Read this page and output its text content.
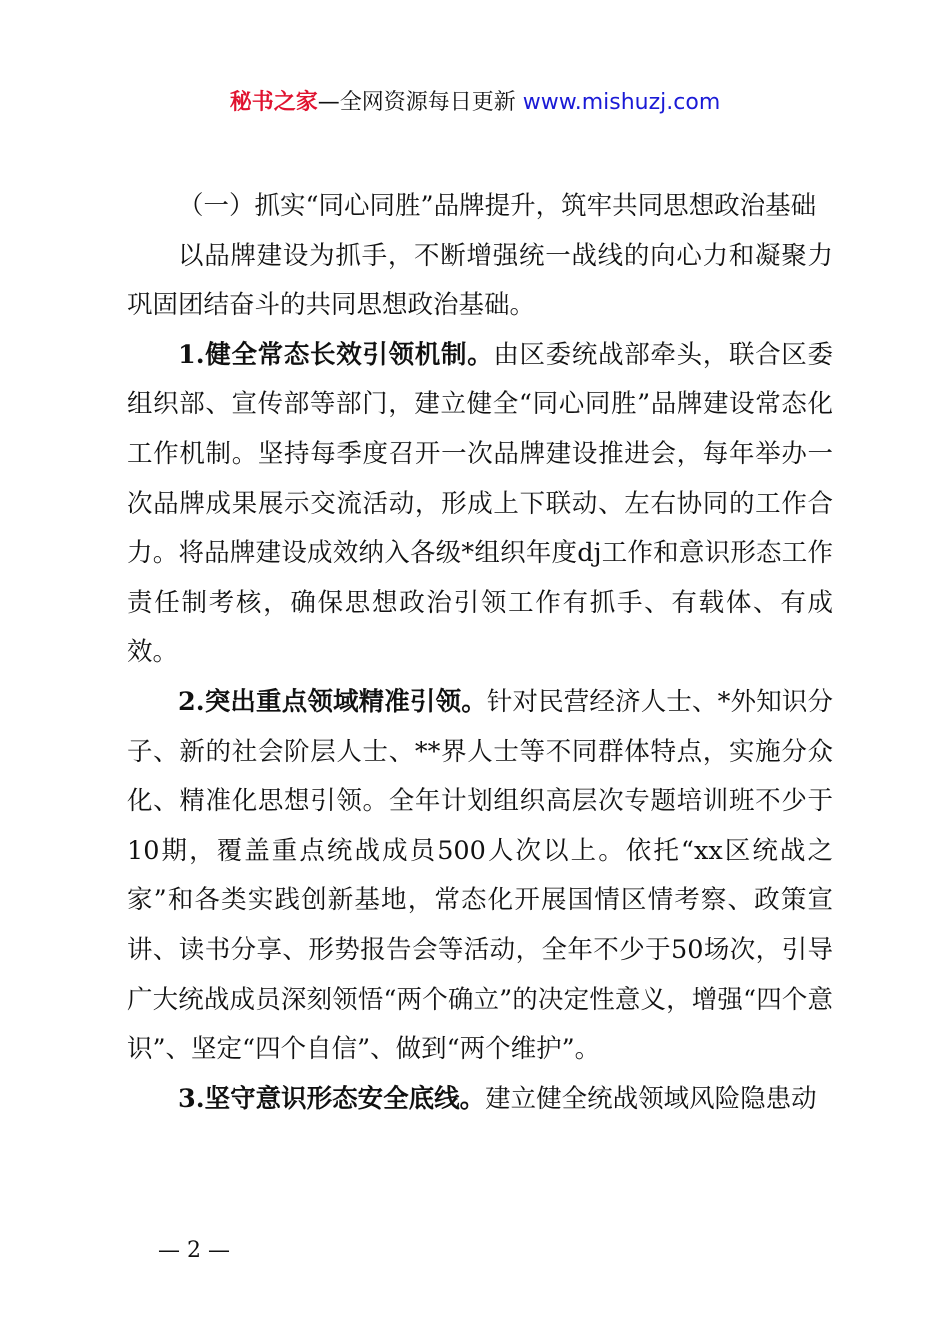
秘书之家—全网资源每日更新 www.mishuzj.com

（一）抓实“同心同胜”品牌提升，筑牢共同思想政治基础

以品牌建设为抓手，不断增强统一战线的向心力和凝聚力巩固团结奋斗的共同思想政治基础。

1.健全常态长效引领机制。由区委统战部牵头，联合区委组织部、宣传部等部门，建立健全“同心同胜”品牌建设常态化工作机制。坚持每季度召开一次品牌建设推进会，每年举办一次品牌成果展示交流活动，形成上下联动、左右协同的工作合力。将品牌建设成效纳入各级*组织年度dj工作和意识形态工作责任制考核，确保思想政治引领工作有抓手、有载体、有成效。

2.突出重点领域精准引领。针对民营经济人士、*外知识分子、新的社会阶层人士、**界人士等不同群体特点，实施分众化、精准化思想引领。全年计划组织高层次专题培训班不少于10期，覆盖重点统战成员500人次以上。依托“xx区统战之家”和各类实践创新基地，常态化开展国情区情考察、政策宣讲、读书分享、形势报告会等活动，全年不少于50场次，引导广大统战成员深刻领悟“两个确立”的决定性意义，增强“四个意识”、坚定“四个自信”、做到“两个维护”。

3.坚守意识形态安全底线。建立健全统战领域风险隐患动

— 2 —
